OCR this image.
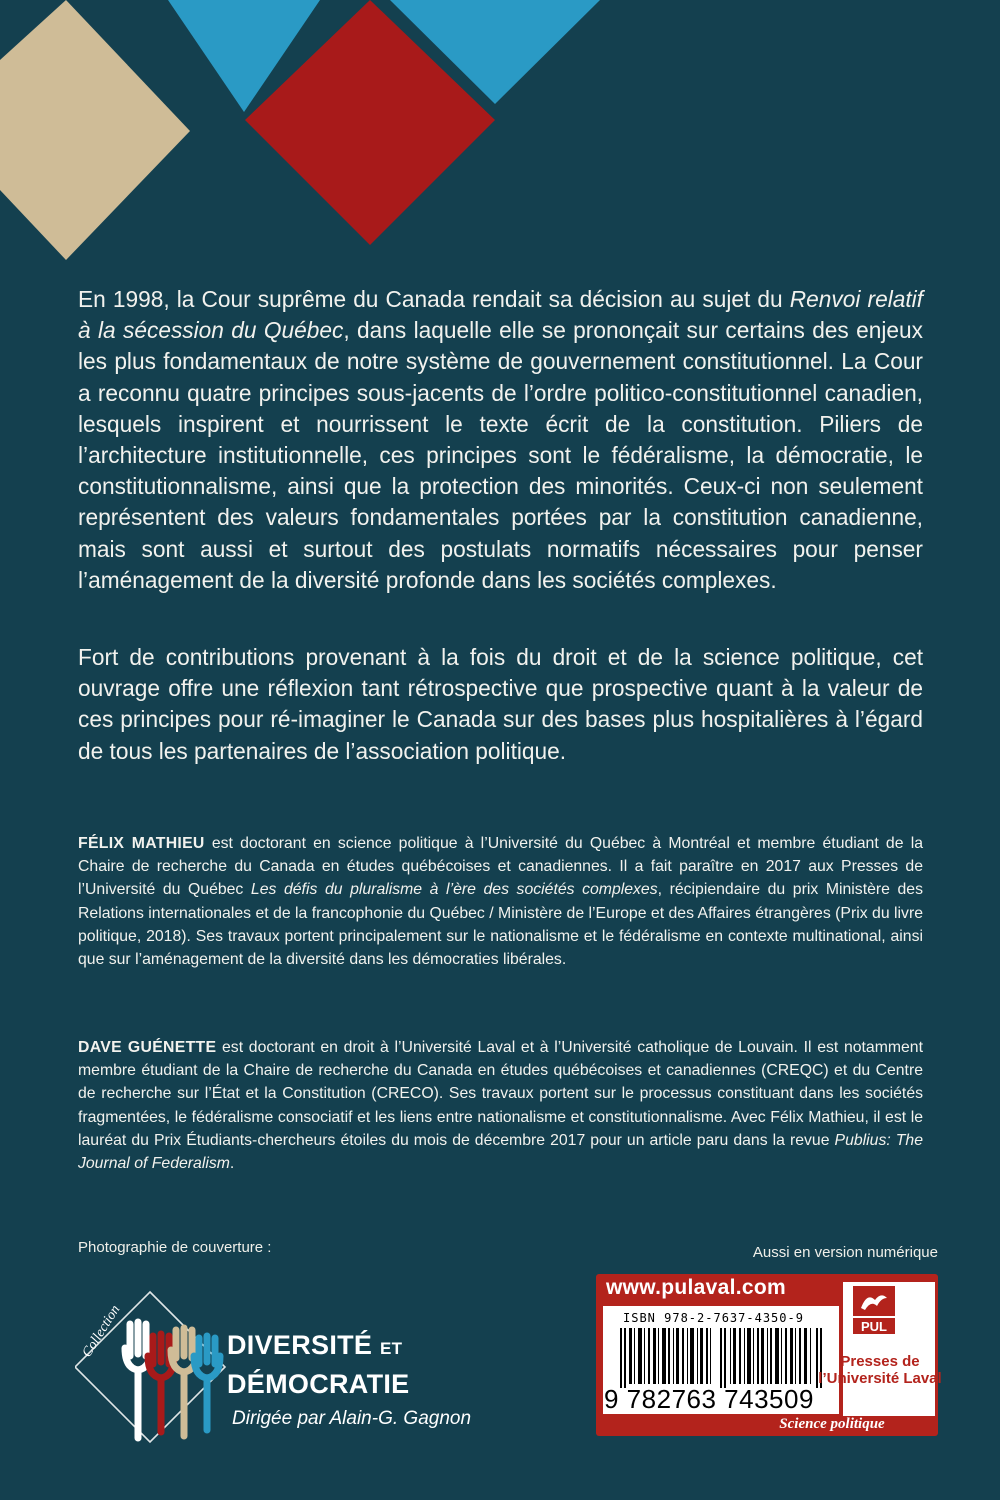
En 1998, la Cour suprême du Canada rendait sa décision au sujet du Renvoi relatif à la sécession du Québec, dans laquelle elle se prononçait sur certains des enjeux les plus fondamentaux de notre système de gouvernement constitutionnel. La Cour a reconnu quatre principes sous-jacents de l’ordre politico-constitutionnel canadien, lesquels inspirent et nourrissent le texte écrit de la constitution. Piliers de l’architecture institutionnelle, ces principes sont le fédéralisme, la démocratie, le constitutionnalisme, ainsi que la protection des minorités. Ceux-ci non seulement représentent des valeurs fondamentales portées par la constitution canadienne, mais sont aussi et surtout des postulats normatifs nécessaires pour penser l’aménagement de la diversité profonde dans les sociétés complexes.

Fort de contributions provenant à la fois du droit et de la science politique, cet ouvrage offre une réflexion tant rétrospective que prospective quant à la valeur de ces principes pour ré-imaginer le Canada sur des bases plus hospitalières à l’égard de tous les partenaires de l’association politique.

FÉLIX MATHIEU est doctorant en science politique à l’Université du Québec à Montréal et membre étudiant de la Chaire de recherche du Canada en études québécoises et canadiennes. Il a fait paraître en 2017 aux Presses de l’Université du Québec Les défis du pluralisme à l’ère des sociétés complexes, récipiendaire du prix Ministère des Relations internationales et de la francophonie du Québec / Ministère de l’Europe et des Affaires étrangères (Prix du livre politique, 2018). Ses travaux portent principalement sur le nationalisme et le fédéralisme en contexte multinational, ainsi que sur l’aménagement de la diversité dans les démocraties libérales.

DAVE GUÉNETTE est doctorant en droit à l’Université Laval et à l’Université catholique de Louvain. Il est notamment membre étudiant de la Chaire de recherche du Canada en études québécoises et canadiennes (CREQC) et du Centre de recherche sur l’État et la Constitution (CRECO). Ses travaux portent sur le processus constituant dans les sociétés fragmentées, le fédéralisme consociatif et les liens entre nationalisme et constitutionnalisme. Avec Félix Mathieu, il est le lauréat du Prix Étudiants-chercheurs étoiles du mois de décembre 2017 pour un article paru dans la revue Publius: The Journal of Federalism.

Photographie de couverture :	Aussi en version numérique

Collection	DIVERSITÉ ET

DÉMOCRATIE

Dirigée par Alain-G. Gagnon

www.pulaval.com

ISBN 978-2-7637-4350-9

9 782763 743509

PUL

Presses de l’Université Laval

Science politique
